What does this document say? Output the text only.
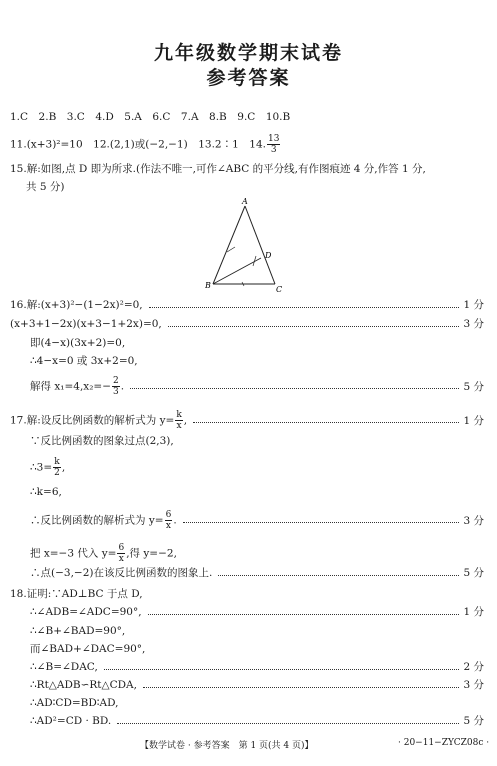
九年级数学期末试卷
参考答案
1.C　2.B　3.C　4.D　5.A　6.C　7.A　8.B　9.C　10.B
11.(x+3)²=10　12.(2,1)或(−2,−1)　13.2∶1　14. $\frac{13}{3}$
15.解:如图,点 D 即为所求.(作法不唯一,可作∠ABC 的平分线,有作图痕迹 4 分,作答 1 分,
共 5 分)
A
B	C
D
16.解:(x+3)²−(1−2x)²=0,	1 分
(x+3+1−2x)(x+3−1+2x)=0,	3 分
即(4−x)(3x+2)=0,
∴4−x=0 或 3x+2=0,
解得 $x_1=4,x_2=- \frac{2}{3}$ .	5 分
17.解:设反比例函数的解析式为 $y= \frac{k}{x}$ ,	1 分
∵反比例函数的图象过点(2,3),
∴3= $\frac{k}{2}$ ,
∴k=6,
∴反比例函数的解析式为 $y= \frac{6}{x}$ .	3 分
把 x=−3 代入 $y= \frac{6}{x}$ ,得 y=−2,
∴点(−3,−2)在该反比例函数的图象上.	5 分
18.证明:∵AD⊥BC 于点 D,
∴∠ADB=∠ADC=90°,	1 分
∴∠B+∠BAD=90°,
而∠BAD+∠DAC=90°,
∴∠B=∠DAC,	2 分
∴Rt△ADB∽Rt△CDA,	3 分
∴AD∶CD=BD∶AD,
∴AD²=CD · BD.	5 分
【数学试卷 · 参考答案　第 1 页(共 4 页)】	· 20−11−ZYCZ08c ·
